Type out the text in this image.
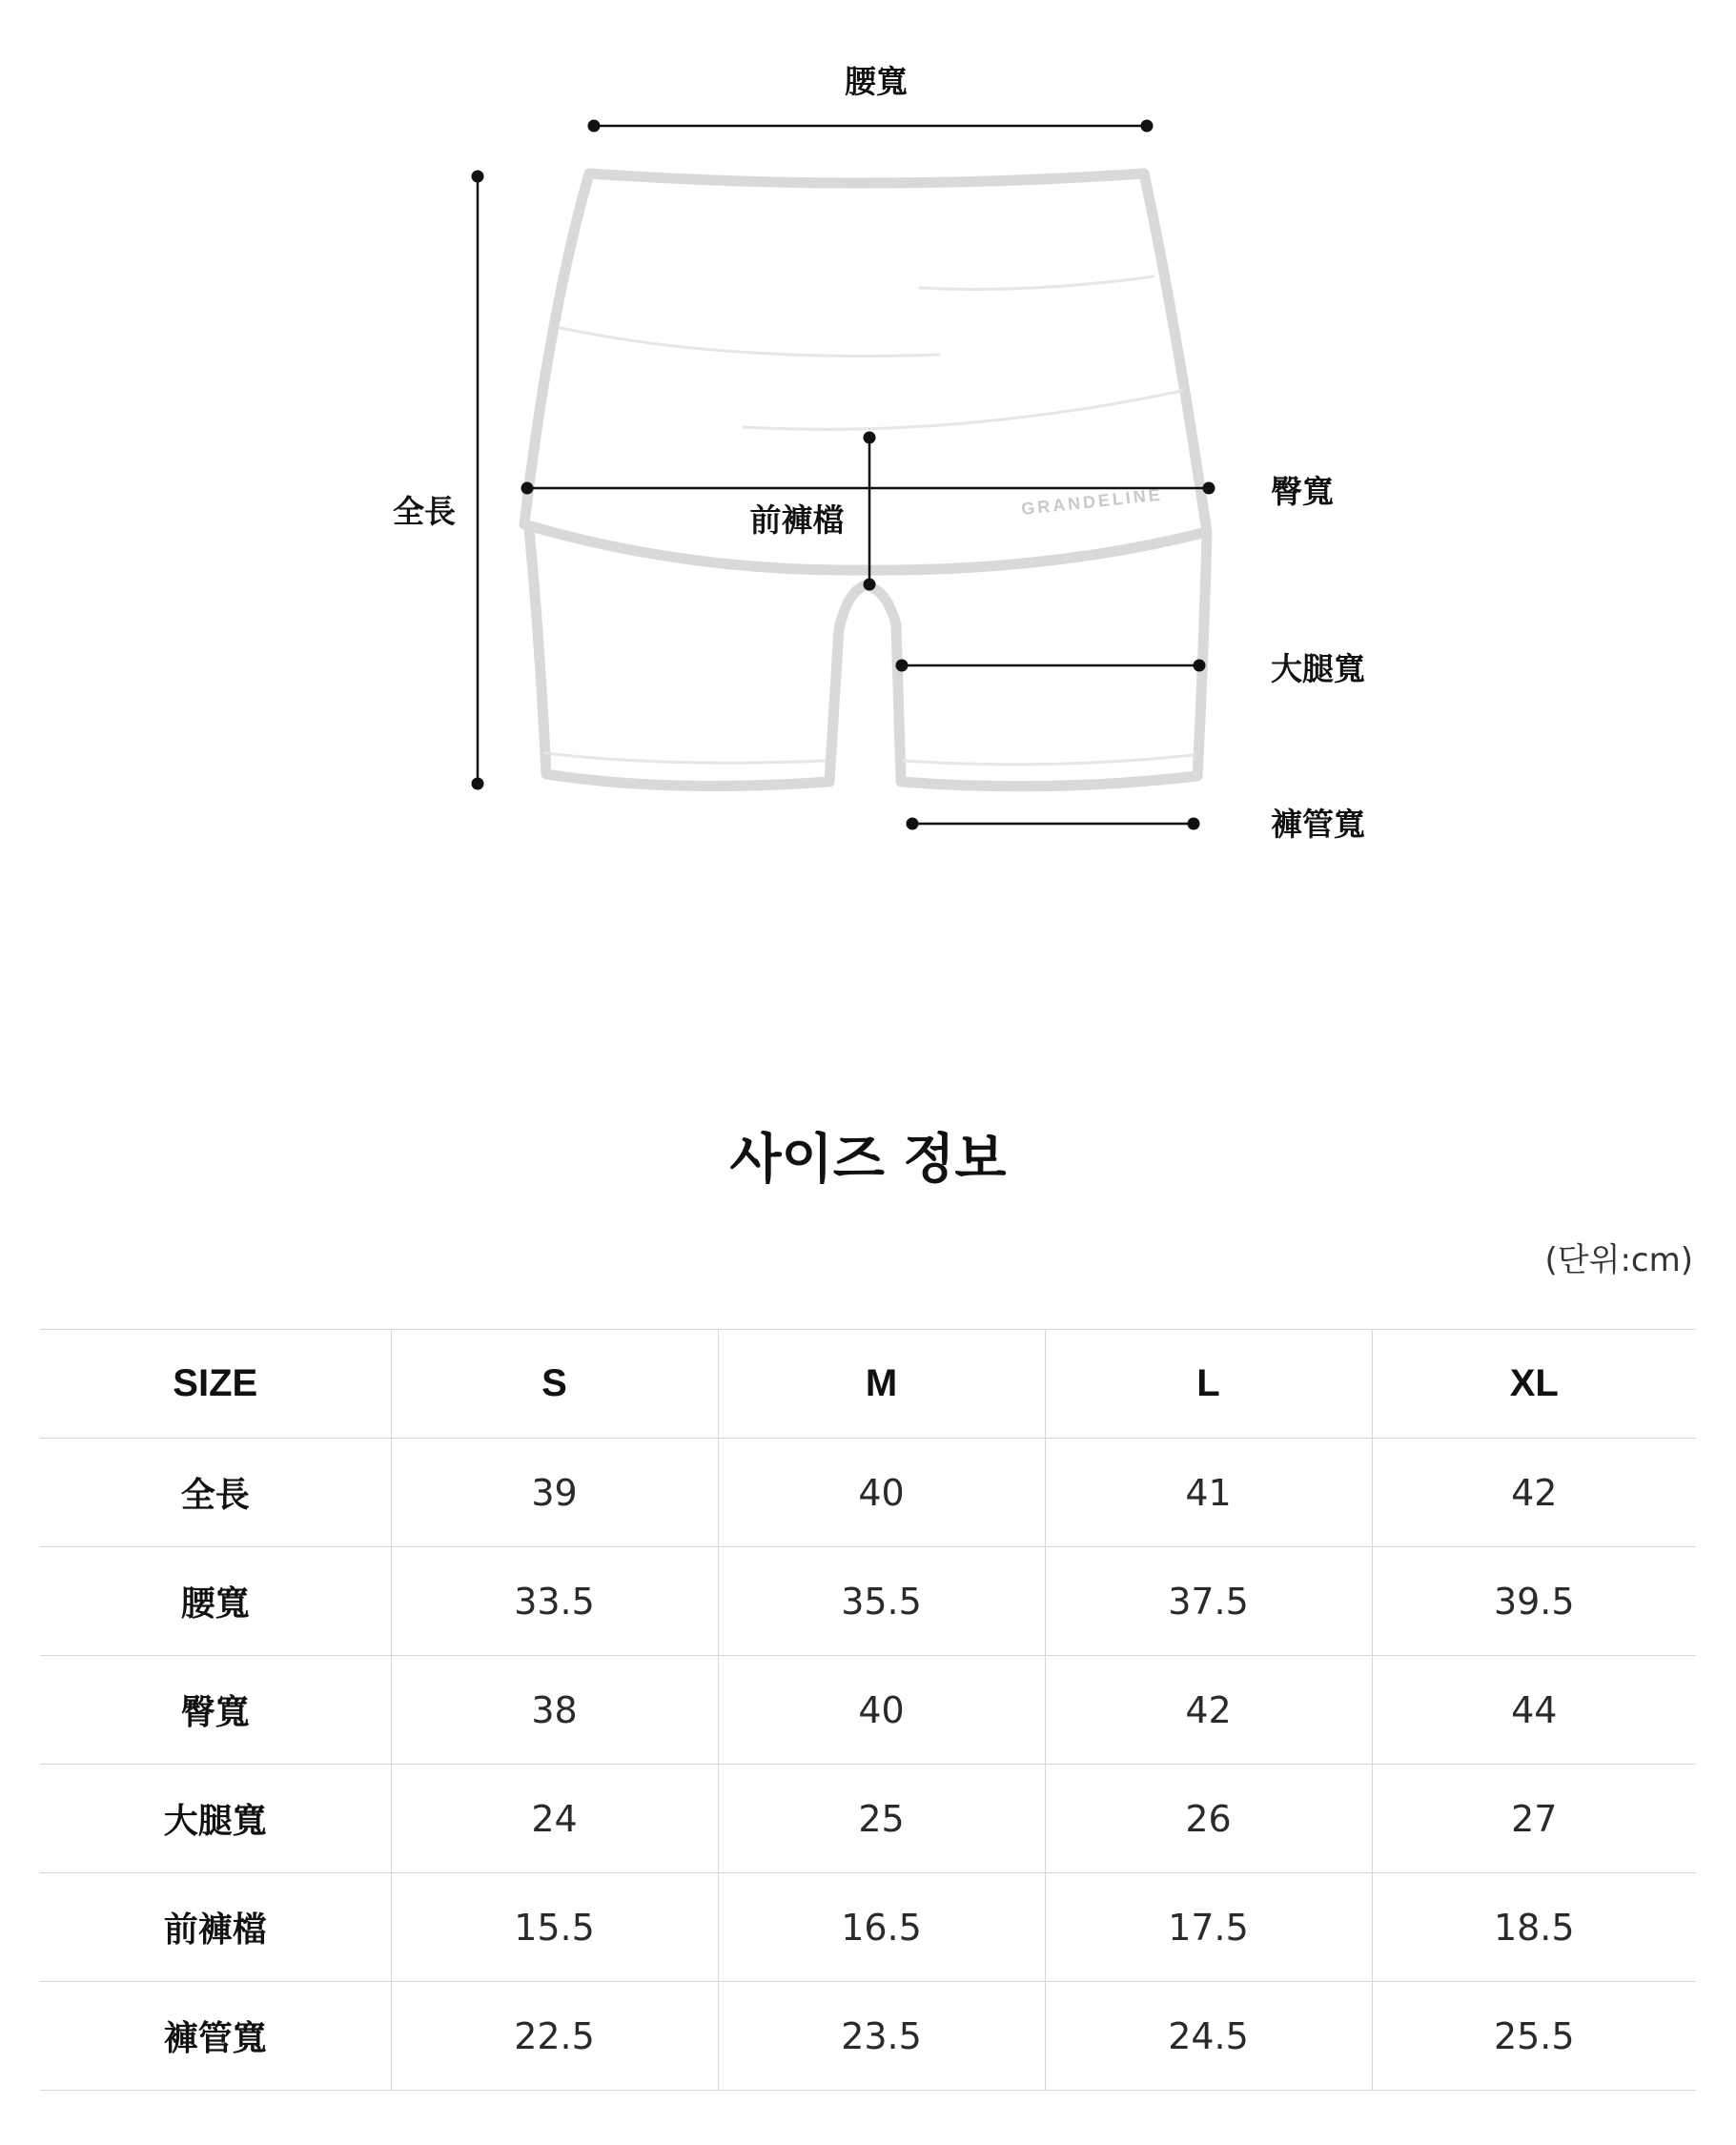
GRANDELINE
腰寬
全長
臀寬
前褲檔
大腿寬
褲管寬
사이즈 정보
(단위:cm)
SIZE	S	M	L	XL
全長	39	40	41	42
腰寬	33.5	35.5	37.5	39.5
臀寬	38	40	42	44
大腿寬	24	25	26	27
前褲檔	15.5	16.5	17.5	18.5
褲管寬	22.5	23.5	24.5	25.5
